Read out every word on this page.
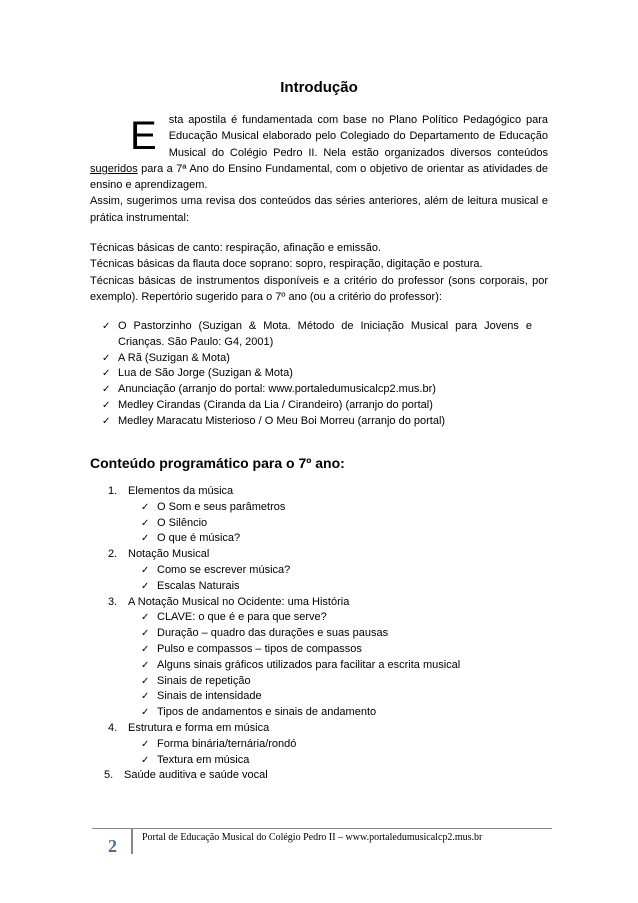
Introdução
E	sta apostila é fundamentada com base no Plano Político Pedagógico para Educação Musical elaborado pelo Colegiado do Departamento de Educação Musical do Colégio Pedro II. Nela estão organizados diversos conteúdos sugeridos para a 7ª Ano do Ensino Fundamental, com o objetivo de orientar as atividades de ensino e aprendizagem.

Assim, sugerimos uma revisa dos conteúdos das séries anteriores, além de leitura musical e prática instrumental:

Técnicas básicas de canto: respiração, afinação e emissão.

Técnicas básicas da flauta doce soprano: sopro, respiração, digitação e postura.

Técnicas básicas de instrumentos disponíveis e a critério do professor (sons corporais, por exemplo). Repertório sugerido para o 7º ano (ou a critério do professor):

✓ O Pastorzinho (Suzigan & Mota. Método de Iniciação Musical para Jovens e Crianças. São Paulo: G4, 2001)
✓ A Rã (Suzigan & Mota)
✓ Lua de São Jorge (Suzigan & Mota)
✓ Anunciação (arranjo do portal: www.portaledumusicalcp2.mus.br)
✓ Medley Cirandas (Ciranda da Lia / Cirandeiro) (arranjo do portal)
✓ Medley Maracatu Misterioso / O Meu Boi Morreu (arranjo do portal)
Conteúdo programático para o 7º ano:
1. Elementos da música
✓ O Som e seus parâmetros
✓ O Silêncio
✓ O que é música?
2. Notação Musical
✓ Como se escrever música?
✓ Escalas Naturais
3. A Notação Musical no Ocidente: uma História
✓ CLAVE: o que é e para que serve?
✓ Duração – quadro das durações e suas pausas
✓ Pulso e compassos – tipos de compassos
✓ Alguns sinais gráficos utilizados para facilitar a escrita musical
✓ Sinais de repetição
✓ Sinais de intensidade
✓ Tipos de andamentos e sinais de andamento
4. Estrutura e forma em música
✓ Forma binária/ternária/rondó
✓ Textura em música
5. Saúde auditiva e saúde vocal
2	Portal de Educação Musical do Colégio Pedro II – www.portaledumusicalcp2.mus.br
